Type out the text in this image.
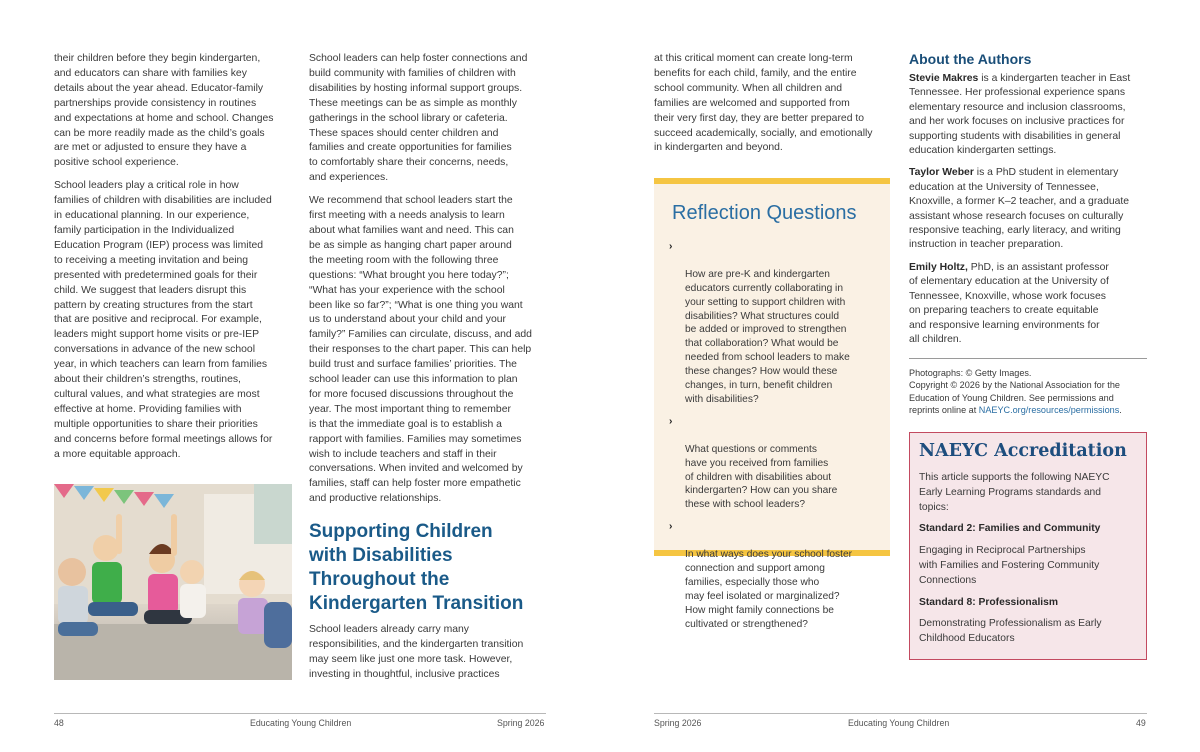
their children before they begin kindergarten,
and educators can share with families key
details about the year ahead. Educator-family
partnerships provide consistency in routines
and expectations at home and school. Changes
can be more readily made as the child’s goals
are met or adjusted to ensure they have a
positive school experience.

School leaders play a critical role in how
families of children with disabilities are included
in educational planning. In our experience,
family participation in the Individualized
Education Program (IEP) process was limited
to receiving a meeting invitation and being
presented with predetermined goals for their
child. We suggest that leaders disrupt this
pattern by creating structures from the start
that are positive and reciprocal. For example,
leaders might support home visits or pre-IEP
conversations in advance of the new school
year, in which teachers can learn from families
about their children’s strengths, routines,
cultural values, and what strategies are most
effective at home. Providing families with
multiple opportunities to share their priorities
and concerns before formal meetings allows for
a more equitable approach.

School leaders can help foster connections and
build community with families of children with
disabilities by hosting informal support groups.
These meetings can be as simple as monthly
gatherings in the school library or cafeteria.
These spaces should center children and
families and create opportunities for families
to comfortably share their concerns, needs,
and experiences.

We recommend that school leaders start the
first meeting with a needs analysis to learn
about what families want and need. This can
be as simple as hanging chart paper around
the meeting room with the following three
questions: “What brought you here today?”;
“What has your experience with the school
been like so far?”; “What is one thing you want
us to understand about your child and your
family?” Families can circulate, discuss, and add
their responses to the chart paper. This can help
build trust and surface families’ priorities. The
school leader can use this information to plan
for more focused discussions throughout the
year. The most important thing to remember
is that the immediate goal is to establish a
rapport with families. Families may sometimes
wish to include teachers and staff in their
conversations. When invited and welcomed by
families, staff can help foster more empathetic
and productive relationships.

Supporting Children
with Disabilities
Throughout the
Kindergarten Transition

School leaders already carry many
responsibilities, and the kindergarten transition
may seem like just one more task. However,
investing in thoughtful, inclusive practices

48	Educating Young Children	Spring 2026

at this critical moment can create long-term
benefits for each child, family, and the entire
school community. When all children and
families are welcomed and supported from
their very first day, they are better prepared to
succeed academically, socially, and emotionally
in kindergarten and beyond.

Reflection Questions

›

How are pre-K and kindergarten
educators currently collaborating in
your setting to support children with
disabilities? What structures could
be added or improved to strengthen
that collaboration? What would be
needed from school leaders to make
these changes? How would these
changes, in turn, benefit children
with disabilities?

›

What questions or comments
have you received from families
of children with disabilities about
kindergarten? How can you share
these with school leaders?

›

In what ways does your school foster
connection and support among
families, especially those who
may feel isolated or marginalized?
How might family connections be
cultivated or strengthened?

About the Authors

Stevie Makres is a kindergarten teacher in East
Tennessee. Her professional experience spans
elementary resource and inclusion classrooms,
and her work focuses on inclusive practices for
supporting students with disabilities in general
education kindergarten settings.

Taylor Weber is a PhD student in elementary
education at the University of Tennessee,
Knoxville, a former K–2 teacher, and a graduate
assistant whose research focuses on culturally
responsive teaching, early literacy, and writing
instruction in teacher preparation.

Emily Holtz, PhD, is an assistant professor
of elementary education at the University of
Tennessee, Knoxville, whose work focuses
on preparing teachers to create equitable
and responsive learning environments for
all children.

Photographs: © Getty Images.

Copyright © 2026 by the National Association for the
Education of Young Children. See permissions and
reprints online at NAEYC.org/resources/permissions.

NAEYC Accreditation

This article supports the following NAEYC
Early Learning Programs standards and
topics:

Standard 2: Families and Community

Engaging in Reciprocal Partnerships
with Families and Fostering Community
Connections

Standard 8: Professionalism

Demonstrating Professionalism as Early
Childhood Educators

Spring 2026	Educating Young Children	49
